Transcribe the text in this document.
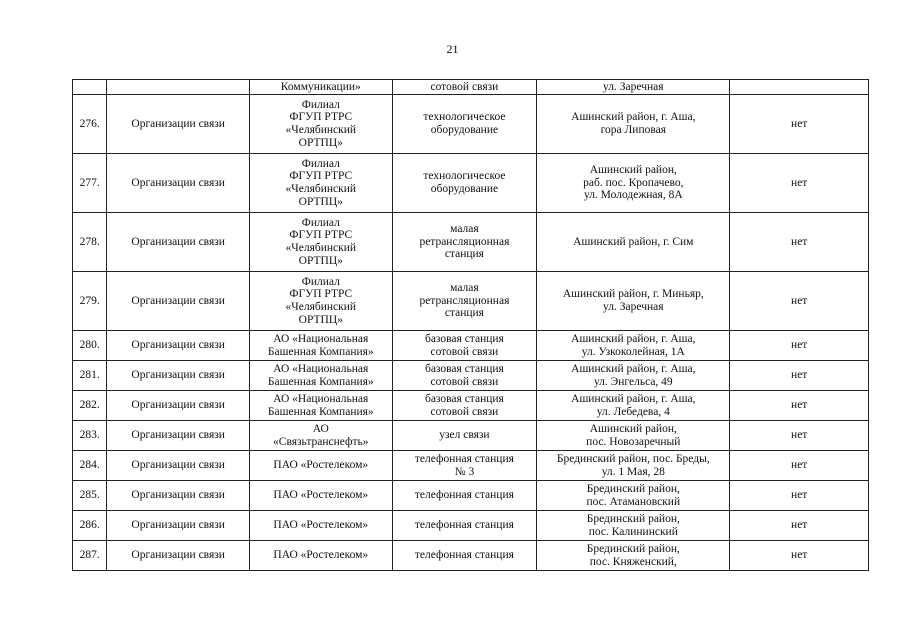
21
		Коммуникации»	сотовой связи	ул. Заречная	
276.	Организации связи	Филиал
ФГУП РТРС
«Челябинский
ОРТПЦ»	технологическое
оборудование	Ашинский район, г. Аша,
гора Липовая	нет
277.	Организации связи	Филиал
ФГУП РТРС
«Челябинский
ОРТПЦ»	технологическое
оборудование	Ашинский район,
раб. пос. Кропачево,
ул. Молодежная, 8А	нет
278.	Организации связи	Филиал
ФГУП РТРС
«Челябинский
ОРТПЦ»	малая
ретрансляционная
станция	Ашинский район, г. Сим	нет
279.	Организации связи	Филиал
ФГУП РТРС
«Челябинский
ОРТПЦ»	малая
ретрансляционная
станция	Ашинский район, г. Миньяр,
ул. Заречная	нет
280.	Организации связи	АО «Национальная
Башенная Компания»	базовая станция
сотовой связи	Ашинский район, г. Аша,
ул. Узкоколейная, 1А	нет
281.	Организации связи	АО «Национальная
Башенная Компания»	базовая станция
сотовой связи	Ашинский район, г. Аша,
ул. Энгельса, 49	нет
282.	Организации связи	АО «Национальная
Башенная Компания»	базовая станция
сотовой связи	Ашинский район, г. Аша,
ул. Лебедева, 4	нет
283.	Организации связи	АО
«Связьтранснефть»	узел связи	Ашинский район,
пос. Новозаречный	нет
284.	Организации связи	ПАО «Ростелеком»	телефонная станция
№ 3	Брединский район, пос. Бреды,
ул. 1 Мая, 28	нет
285.	Организации связи	ПАО «Ростелеком»	телефонная станция	Брединский район,
пос. Атамановский	нет
286.	Организации связи	ПАО «Ростелеком»	телефонная станция	Брединский район,
пос. Калининский	нет
287.	Организации связи	ПАО «Ростелеком»	телефонная станция	Брединский район,
пос. Княженский,	нет
